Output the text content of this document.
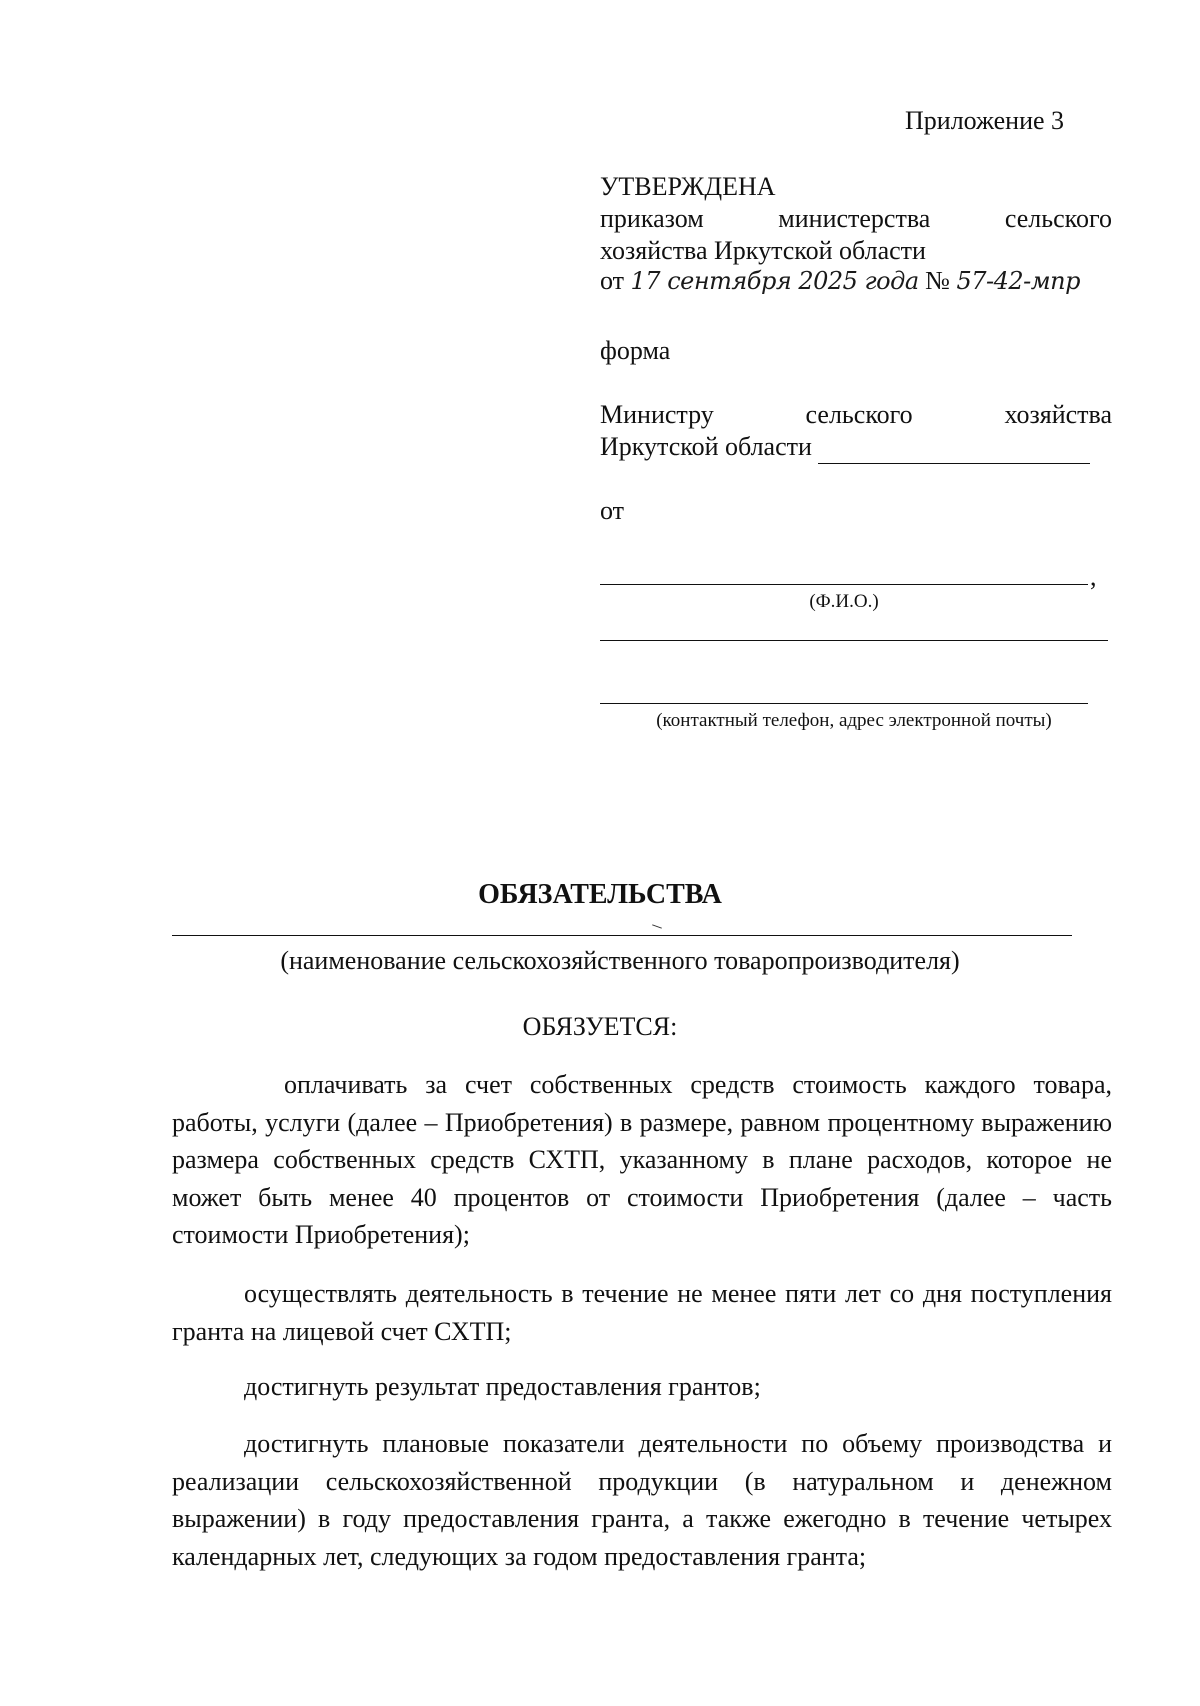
Приложение 3
УТВЕРЖДЕНА
приказом министерства сельского
хозяйства Иркутской области
от 17 сентября 2025 года № 57-42-мпр
форма
Министру сельского хозяйства
Иркутской области
от
,
(Ф.И.О.)
(контактный телефон, адрес электронной почты)
ОБЯЗАТЕЛЬСТВА
(наименование сельскохозяйственного товаропроизводителя)
ОБЯЗУЕТСЯ:
оплачивать за счет собственных средств стоимость каждого товара, работы, услуги (далее – Приобретения) в размере, равном процентному выражению размера собственных средств СХТП, указанному в плане расходов, которое не может быть менее 40 процентов от стоимости Приобретения (далее – часть стоимости Приобретения);
осуществлять деятельность в течение не менее пяти лет со дня поступления гранта на лицевой счет СХТП;
достигнуть результат предоставления грантов;
достигнуть плановые показатели деятельности по объему производства и реализации сельскохозяйственной продукции (в натуральном и денежном выражении) в году предоставления гранта, а также ежегодно в течение четырех календарных лет, следующих за годом предоставления гранта;
